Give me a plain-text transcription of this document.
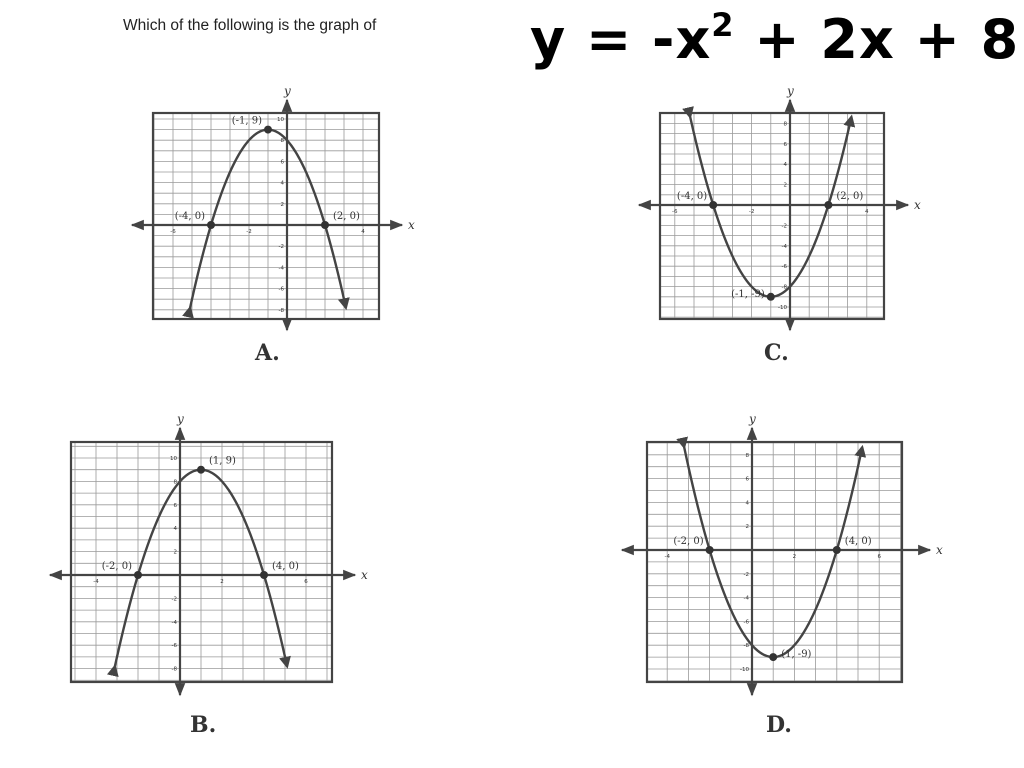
Which of the following is the graph of	$y = -x^2 + 2x + 8$
A.	C.
B.	D.
x
y
-6	-2	4
10
8
6
4
2
-2
-4
-6
-8
(-1, 9)
(-4, 0)	(2, 0)
x
y
-6	-2	4
8
6
4
2
-2
-4
-6
-8
-10
(-1, -9)
(-4, 0)	(2, 0)
x
y
-4	2	6
10
8
6
4
2
-2
-4
-6
-8
(1, 9)
(-2, 0)	(4, 0)
x
y
-4	2	6
8
6
4
2
-2
-4
-6
-8
-10
(1, -9)
(-2, 0)	(4, 0)
